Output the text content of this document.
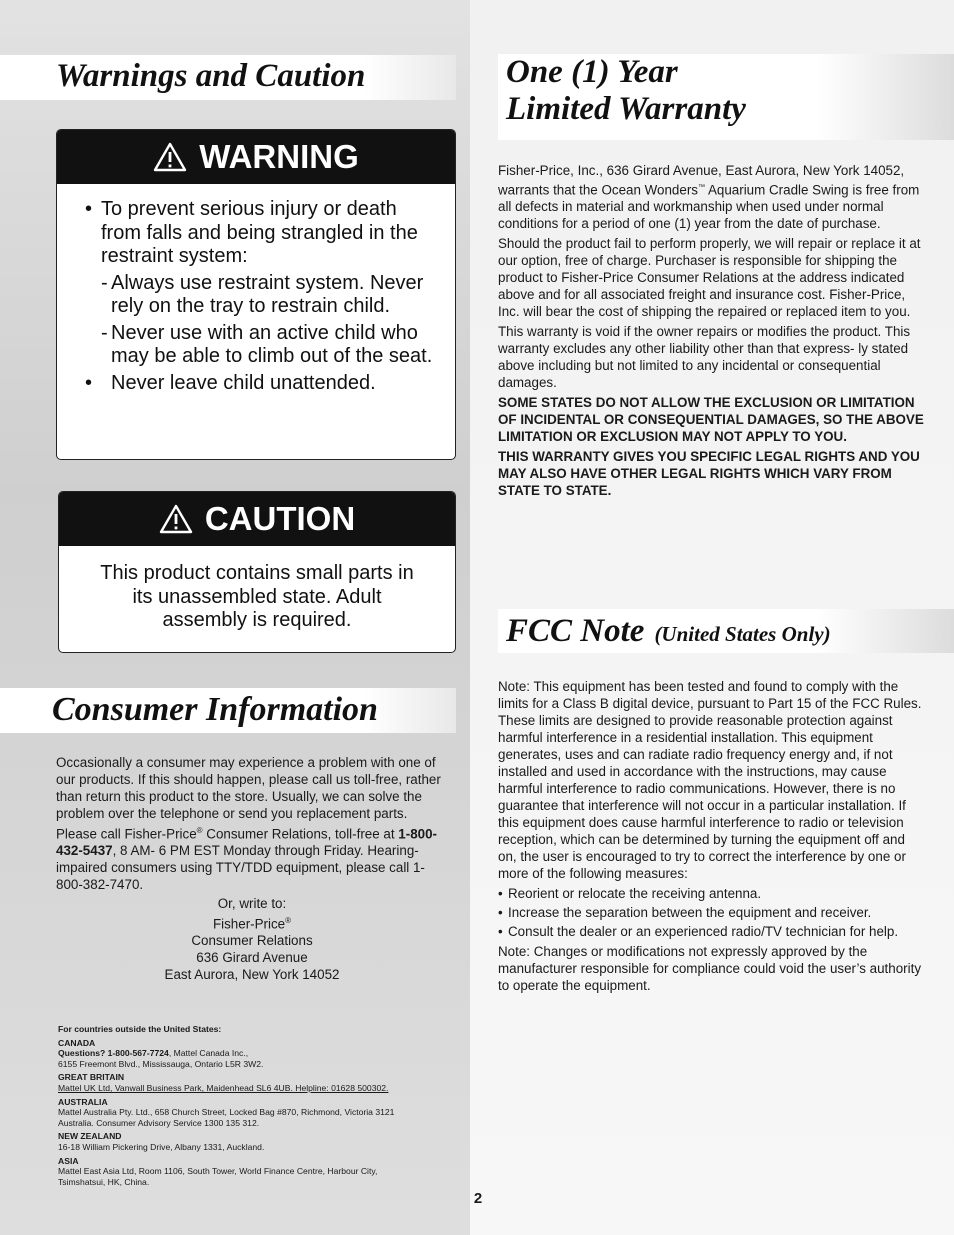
Warnings and Caution
WARNING
• To prevent serious injury or death from falls and being strangled in the restraint system:
- Always use restraint system. Never rely on the tray to restrain child.
- Never use with an active child who may be able to climb out of the seat.
• Never leave child unattended.
CAUTION
This product contains small parts in its unassembled state. Adult assembly is required.
Consumer Information
Occasionally a consumer may experience a problem with one of our products. If this should happen, please call us toll-free, rather than return this product to the store. Usually, we can solve the problem over the telephone or send you replacement parts. Please call Fisher-Price® Consumer Relations, toll-free at 1-800-432-5437, 8 AM- 6 PM EST Monday through Friday. Hearing-impaired consumers using TTY/TDD equipment, please call 1-800-382-7470.
Or, write to:
Fisher-Price®
Consumer Relations
636 Girard Avenue
East Aurora, New York 14052
For countries outside the United States:
CANADA
Questions? 1-800-567-7724, Mattel Canada Inc.,
6155 Freemont Blvd., Mississauga, Ontario L5R 3W2.
GREAT BRITAIN
Mattel UK Ltd, Vanwall Business Park, Maidenhead SL6 4UB. Helpline: 01628 500302.
AUSTRALIA
Mattel Australia Pty. Ltd., 658 Church Street, Locked Bag #870, Richmond, Victoria 3121
Australia. Consumer Advisory Service 1300 135 312.
NEW ZEALAND
16-18 William Pickering Drive, Albany 1331, Auckland.
ASIA
Mattel East Asia Ltd, Room 1106, South Tower, World Finance Centre, Harbour City,
Tsimshatsui, HK, China.
2
One (1) Year
Limited Warranty

Fisher-Price, Inc., 636 Girard Avenue, East Aurora, New York 14052, warrants that the Ocean Wonders™ Aquarium Cradle Swing is free from all defects in material and workmanship when used under normal conditions for a period of one (1) year from the date of purchase.

Should the product fail to perform properly, we will repair or replace it at our option, free of charge. Purchaser is responsible for shipping the product to Fisher-Price Consumer Relations at the address indicated above and for all associated freight and insurance cost. Fisher-Price, Inc. will bear the cost of shipping the repaired or replaced item to you.

This warranty is void if the owner repairs or modifies the product. This warranty excludes any other liability other than that express- ly stated above including but not limited to any incidental or consequential damages.

SOME STATES DO NOT ALLOW THE EXCLUSION OR LIMITATION OF INCIDENTAL OR CONSEQUENTIAL DAMAGES, SO THE ABOVE LIMITATION OR EXCLUSION MAY NOT APPLY TO YOU.

THIS WARRANTY GIVES YOU SPECIFIC LEGAL RIGHTS AND YOU MAY ALSO HAVE OTHER LEGAL RIGHTS WHICH VARY FROM STATE TO STATE.

FCC Note (United States Only)

Note: This equipment has been tested and found to comply with the limits for a Class B digital device, pursuant to Part 15 of the FCC Rules. These limits are designed to provide reasonable protection against harmful interference in a residential installation. This equipment generates, uses and can radiate radio frequency energy and, if not installed and used in accordance with the instructions, may cause harmful interference to radio communications. However, there is no guarantee that interference will not occur in a particular installation. If this equipment does cause harmful interference to radio or television reception, which can be determined by turning the equipment off and on, the user is encouraged to try to correct the interference by one or more of the following measures:

• Reorient or relocate the receiving antenna.
• Increase the separation between the equipment and receiver.
• Consult the dealer or an experienced radio/TV technician for help.

Note: Changes or modifications not expressly approved by the manufacturer responsible for compliance could void the user’s authority to operate the equipment.
